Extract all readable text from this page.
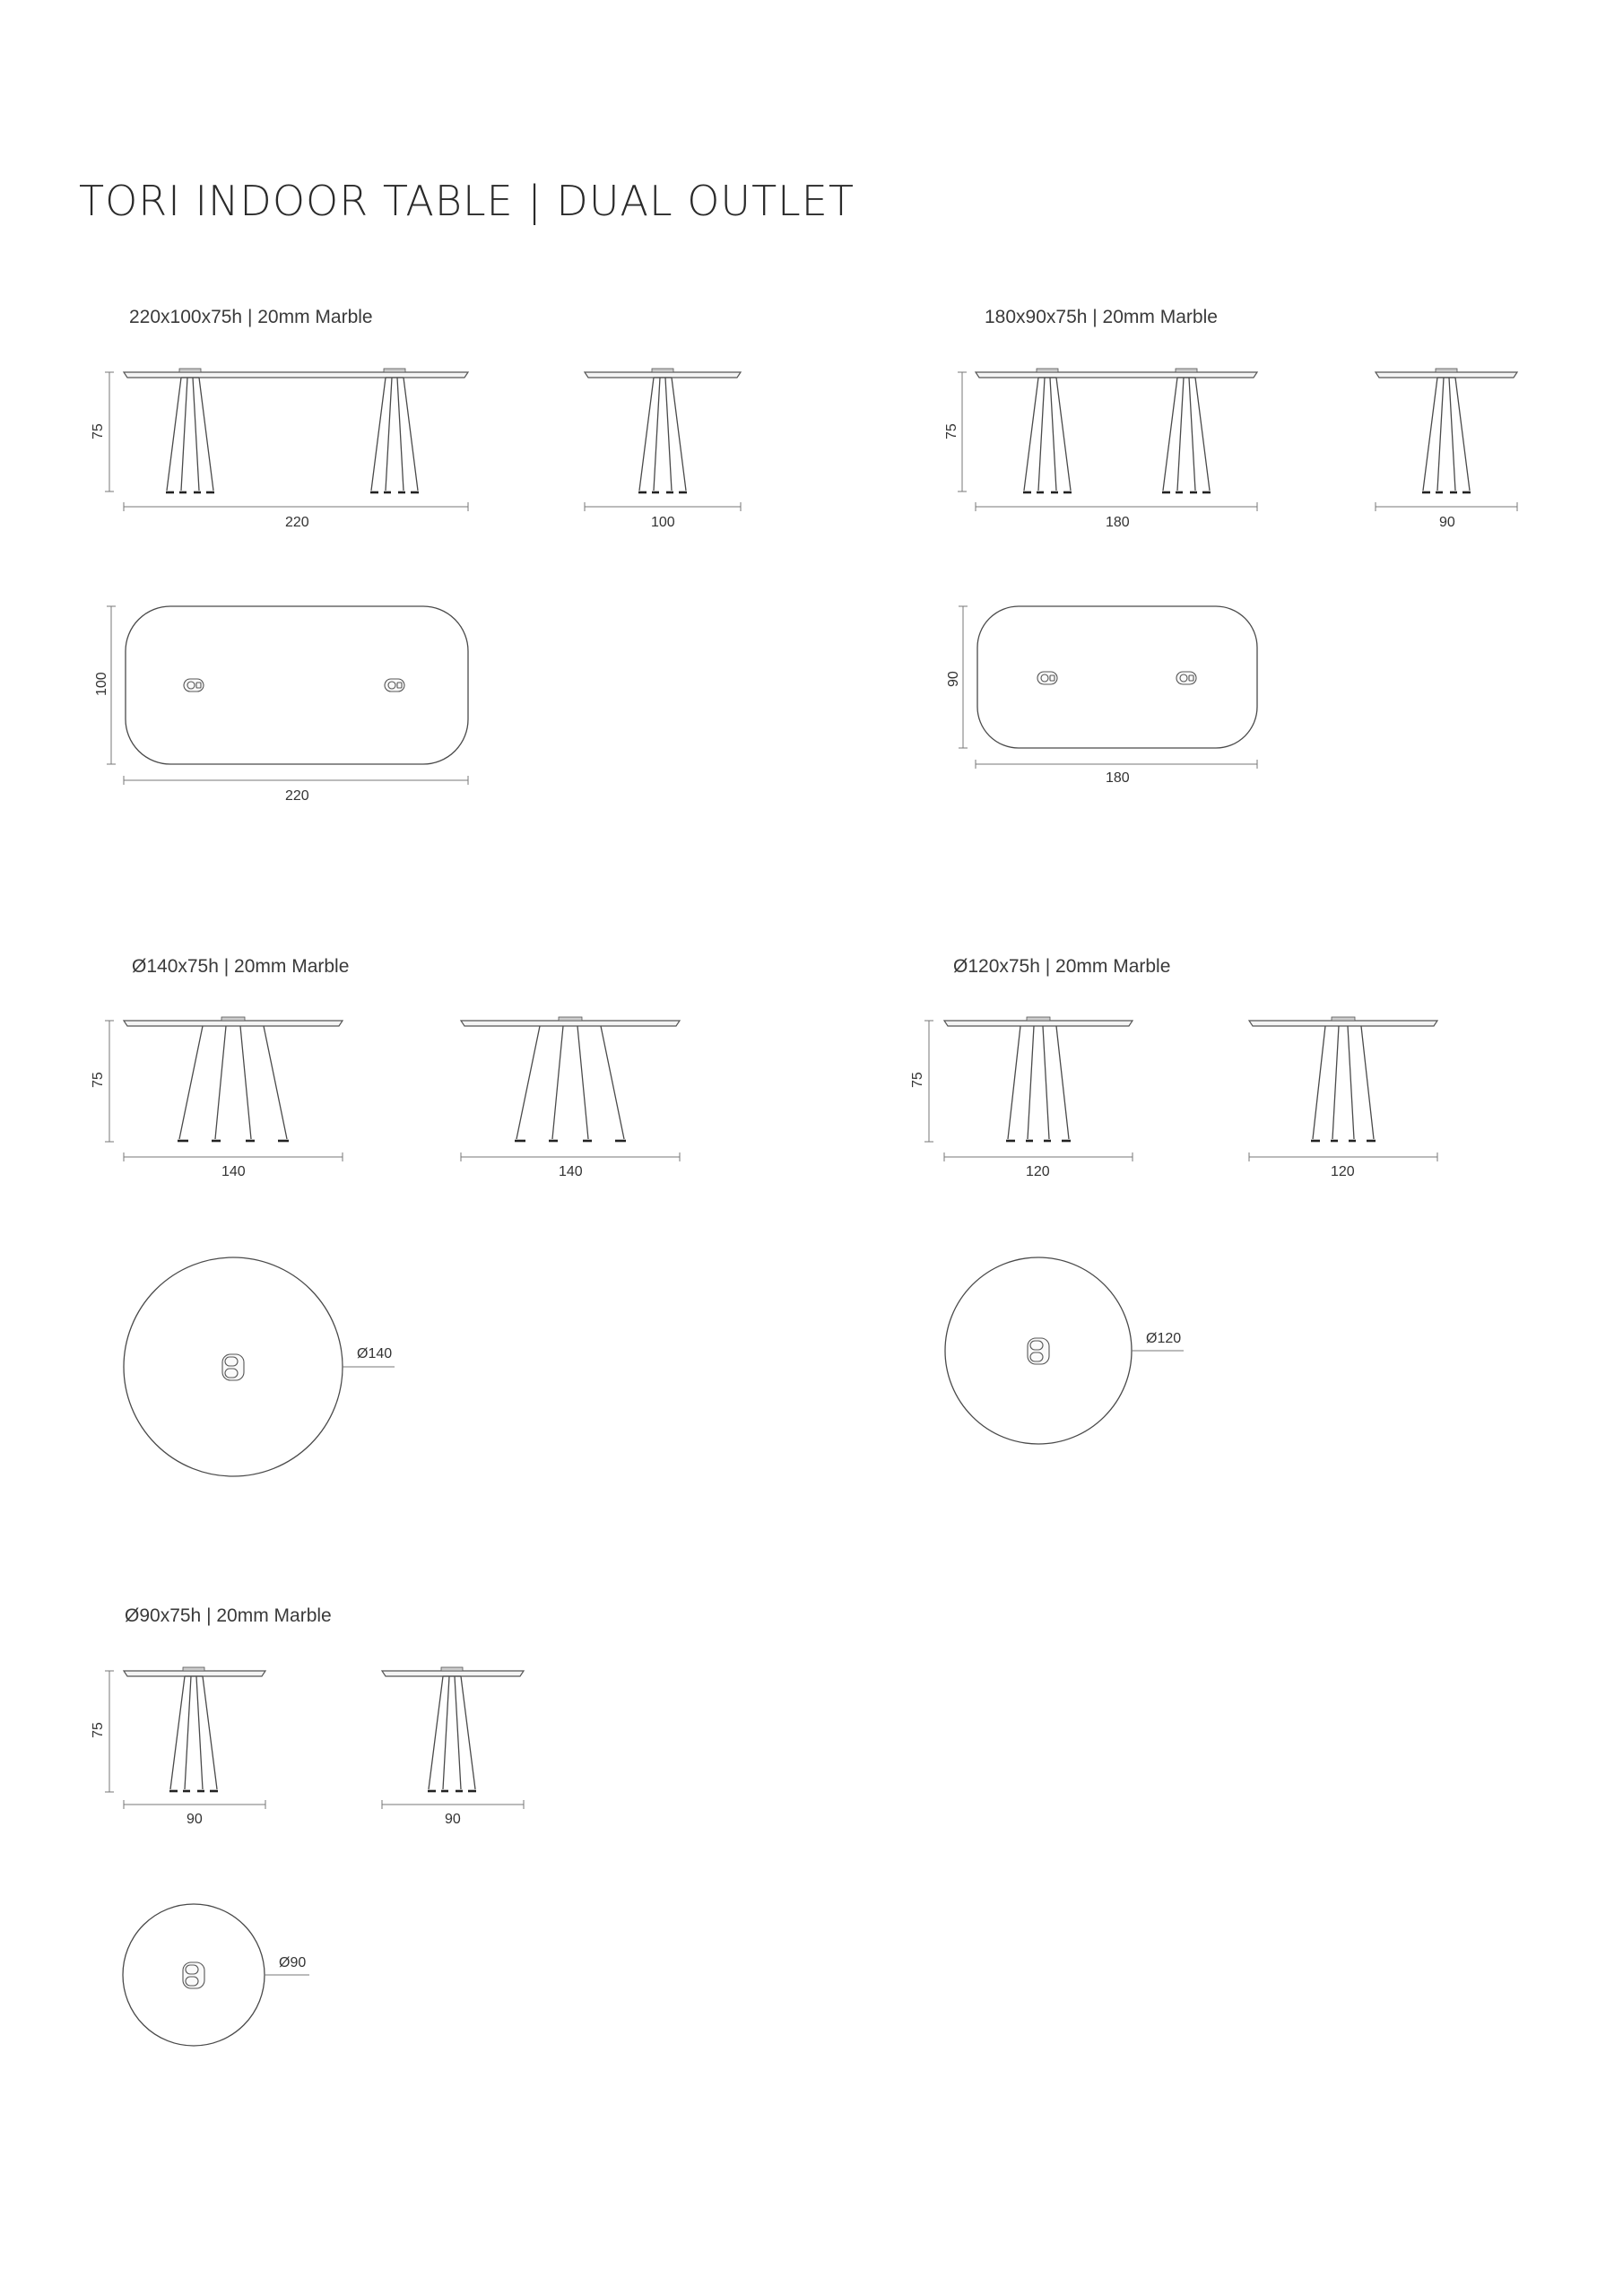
TORI INDOOR TABLE | DUAL OUTLET
220x100x75h | 20mm Marble
75
220	100
100
220
180x90x75h | 20mm Marble
75
180	90
90
180
Ø140x75h | 20mm Marble
75
140	140
Ø140
Ø120x75h | 20mm Marble
75
120	120
Ø120
Ø90x75h | 20mm Marble
75
90	90
Ø90
